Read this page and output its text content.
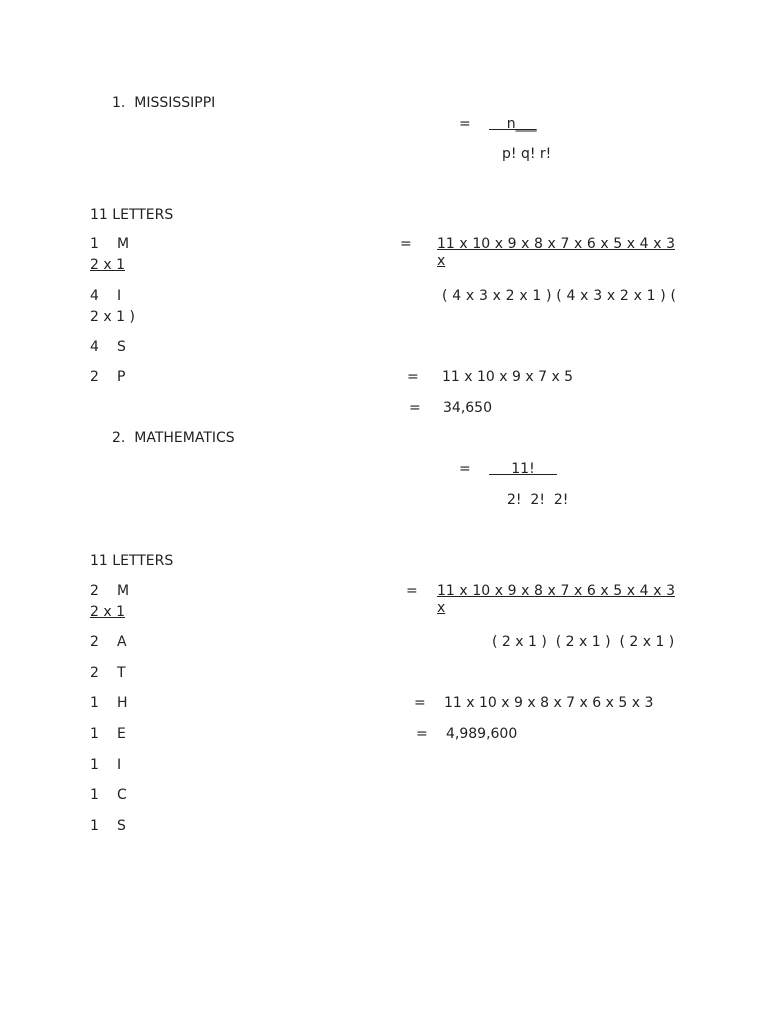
1.  MISSISSIPPI
= n___
p! q! r!
11 LETTERS
1 M	= 11 x 10 x 9 x 8 x 7 x 6 x 5 x 4 x 3 x
2 x 1
4 I	( 4 x 3 x 2 x 1 ) ( 4 x 3 x 2 x 1 ) (
2 x 1 )
4 S
2 P	= 11 x 10 x 9 x 7 x 5
= 34,650
2.  MATHEMATICS
= 11!
2!  2!  2!
11 LETTERS
2 M	= 11 x 10 x 9 x 8 x 7 x 6 x 5 x 4 x 3 x
2 x 1
2 A	( 2 x 1 )  ( 2 x 1 )  ( 2 x 1 )
2 T
1 H	= 11 x 10 x 9 x 8 x 7 x 6 x 5 x 3
1 E	= 4,989,600
1 I
1 C
1 S
